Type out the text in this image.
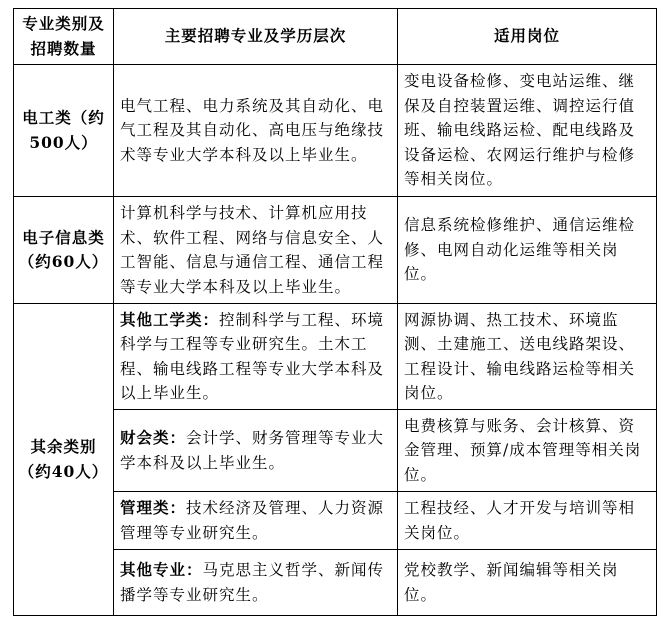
专业类别及招聘数量	主要招聘专业及学历层次	适用岗位
电工类（约500人）	电气工程、电力系统及其自动化、电气工程及其自动化、高电压与绝缘技术等专业大学本科及以上毕业生。	变电设备检修、变电站运维、继保及自控装置运维、调控运行值班、输电线路运检、配电线路及设备运检、农网运行维护与检修等相关岗位。
电子信息类（约60人）	计算机科学与技术、计算机应用技术、软件工程、网络与信息安全、人工智能、信息与通信工程、通信工程等专业大学本科及以上毕业生。	信息系统检修维护、通信运维检修、电网自动化运维等相关岗位。
其余类别（约40人）	其他工学类：控制科学与工程、环境科学与工程等专业研究生。土木工程、输电线路工程等专业大学本科及以上毕业生。	网源协调、热工技术、环境监测、土建施工、送电线路架设、工程设计、输电线路运检等相关岗位。
	财会类：会计学、财务管理等专业大学本科及以上毕业生。	电费核算与账务、会计核算、资金管理、预算/成本管理等相关岗位。
	管理类：技术经济及管理、人力资源管理等专业研究生。	工程技经、人才开发与培训等相关岗位。
	其他专业：马克思主义哲学、新闻传播学等专业研究生。	党校教学、新闻编辑等相关岗位。
